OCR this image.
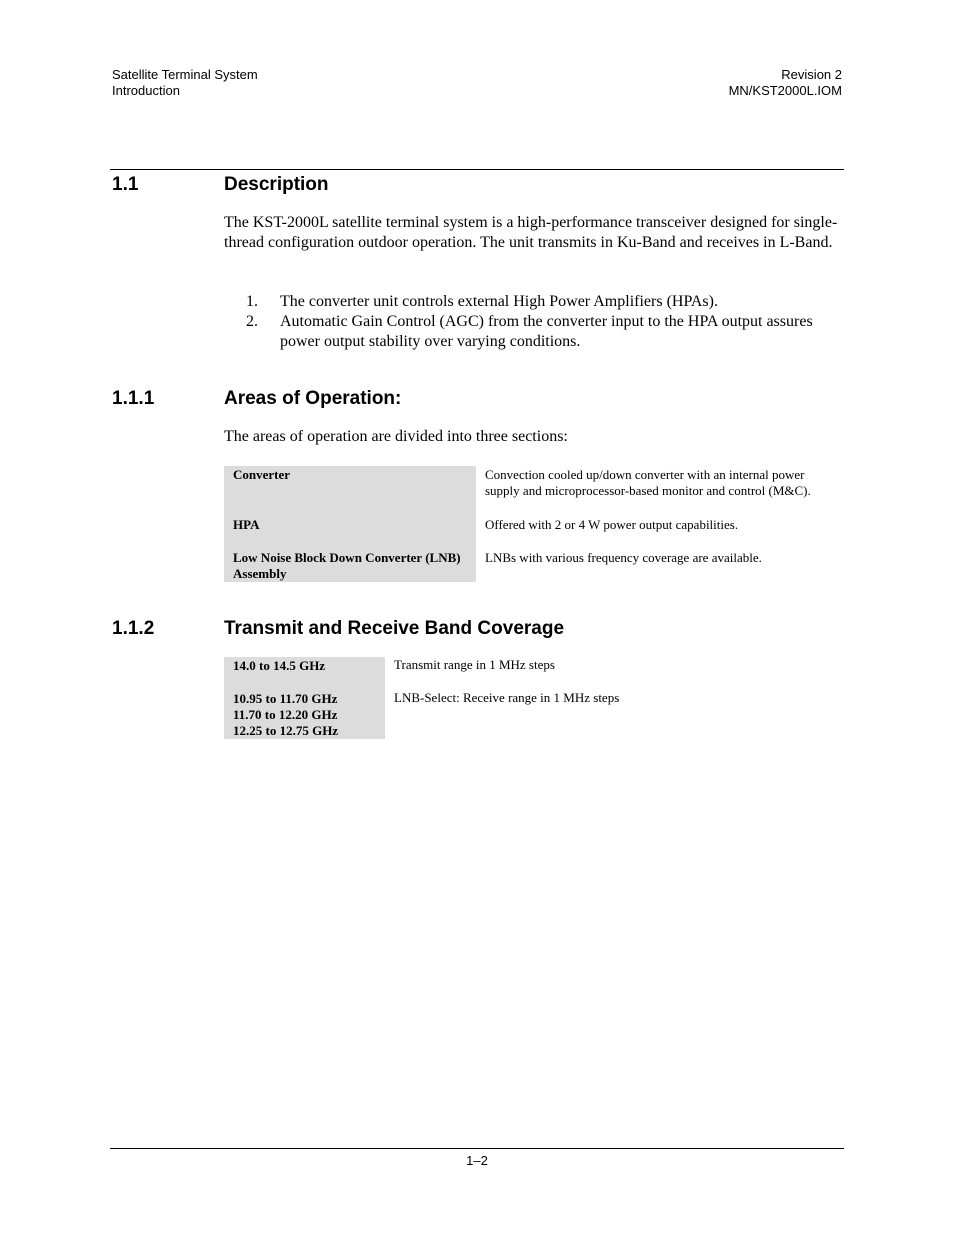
Satellite Terminal System
Introduction
Revision 2
MN/KST2000L.IOM
1.1	Description
The KST-2000L satellite terminal system is a high-performance transceiver designed for single-thread configuration outdoor operation. The unit transmits in Ku-Band and receives in L-Band.
1. The converter unit controls external High Power Amplifiers (HPAs).
2. Automatic Gain Control (AGC) from the converter input to the HPA output assures power output stability over varying conditions.
1.1.1	Areas of Operation:
The areas of operation are divided into three sections:
Converter	Convection cooled up/down converter with an internal power supply and microprocessor-based monitor and control (M&C).
HPA	Offered with 2 or 4 W power output capabilities.
Low Noise Block Down Converter (LNB) Assembly	LNBs with various frequency coverage are available.
1.1.2	Transmit and Receive Band Coverage
14.0 to 14.5 GHz	Transmit range in 1 MHz steps

10.95 to 11.70 GHz
11.70 to 12.20 GHz
12.25 to 12.75 GHz	LNB-Select: Receive range in 1 MHz steps
1–2
